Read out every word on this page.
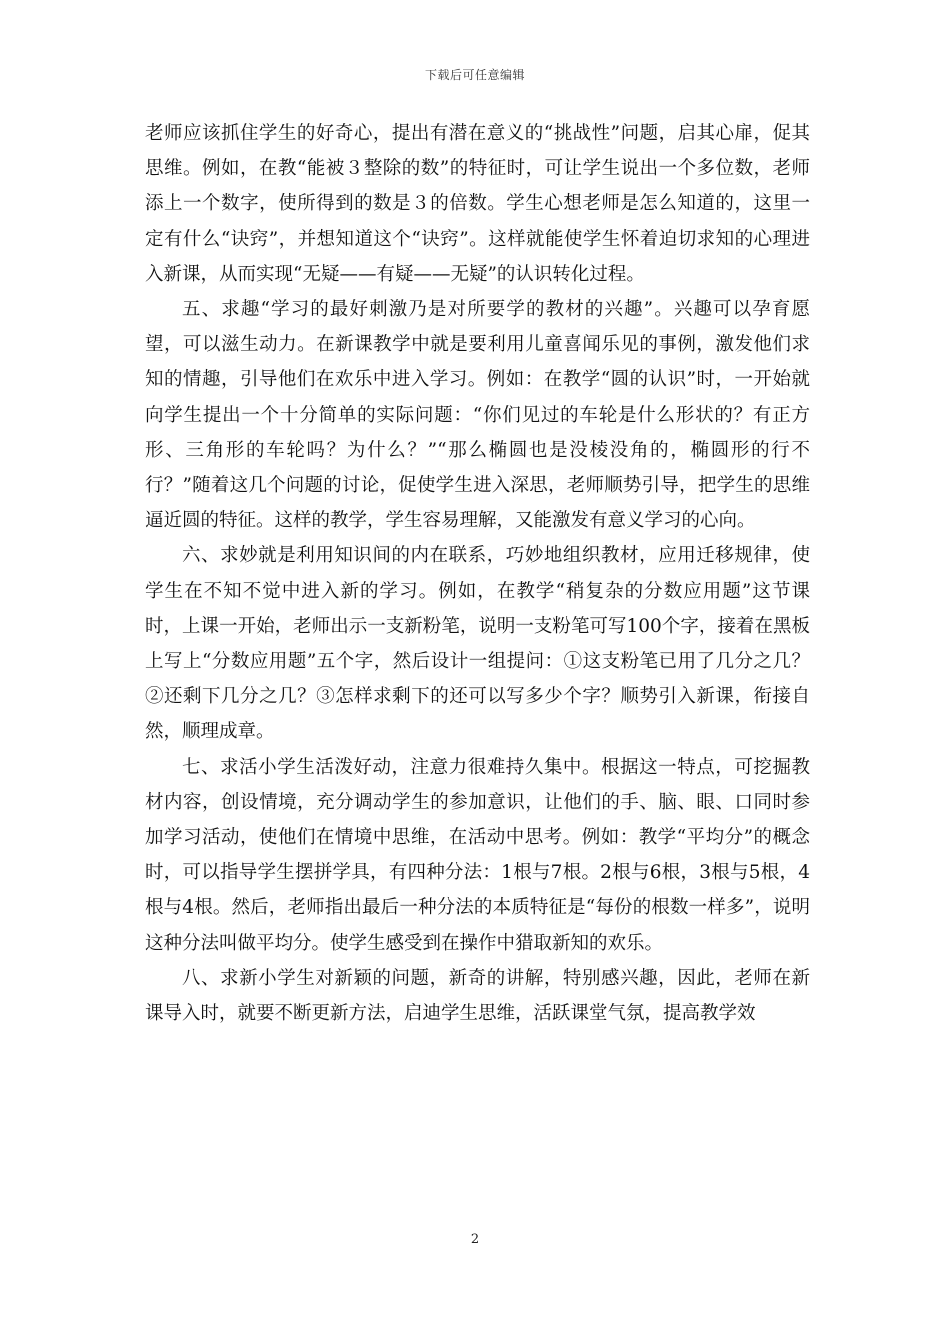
下载后可任意编辑

老师应该抓住学生的好奇心，提出有潜在意义的“挑战性”问题，启其心扉，促其思维。例如，在教“能被３整除的数”的特征时，可让学生说出一个多位数，老师添上一个数字，使所得到的数是３的倍数。学生心想老师是怎么知道的，这里一定有什么“诀窍”，并想知道这个“诀窍”。这样就能使学生怀着迫切求知的心理进入新课，从而实现“无疑——有疑——无疑”的认识转化过程。

五、求趣“学习的最好刺激乃是对所要学的教材的兴趣”。兴趣可以孕育愿望，可以滋生动力。在新课教学中就是要利用儿童喜闻乐见的事例，激发他们求知的情趣，引导他们在欢乐中进入学习。例如：在教学“圆的认识”时，一开始就向学生提出一个十分简单的实际问题：“你们见过的车轮是什么形状的？有正方形、三角形的车轮吗？为什么？”“那么椭圆也是没棱没角的，椭圆形的行不行？”随着这几个问题的讨论，促使学生进入深思，老师顺势引导，把学生的思维逼近圆的特征。这样的教学，学生容易理解，又能激发有意义学习的心向。

六、求妙就是利用知识间的内在联系，巧妙地组织教材，应用迁移规律，使学生在不知不觉中进入新的学习。例如，在教学“稍复杂的分数应用题”这节课时，上课一开始，老师出示一支新粉笔，说明一支粉笔可写100个字，接着在黑板上写上“分数应用题”五个字，然后设计一组提问：①这支粉笔已用了几分之几？②还剩下几分之几？③怎样求剩下的还可以写多少个字？顺势引入新课，衔接自然，顺理成章。

七、求活小学生活泼好动，注意力很难持久集中。根据这一特点，可挖掘教材内容，创设情境，充分调动学生的参加意识，让他们的手、脑、眼、口同时参加学习活动，使他们在情境中思维，在活动中思考。例如：教学“平均分”的概念时，可以指导学生摆拼学具，有四种分法：1根与7根。2根与6根，3根与5根，4根与4根。然后，老师指出最后一种分法的本质特征是“每份的根数一样多”，说明这种分法叫做平均分。使学生感受到在操作中猎取新知的欢乐。

八、求新小学生对新颖的问题，新奇的讲解，特别感兴趣，因此，老师在新课导入时，就要不断更新方法，启迪学生思维，活跃课堂气氛，提高教学效

2
